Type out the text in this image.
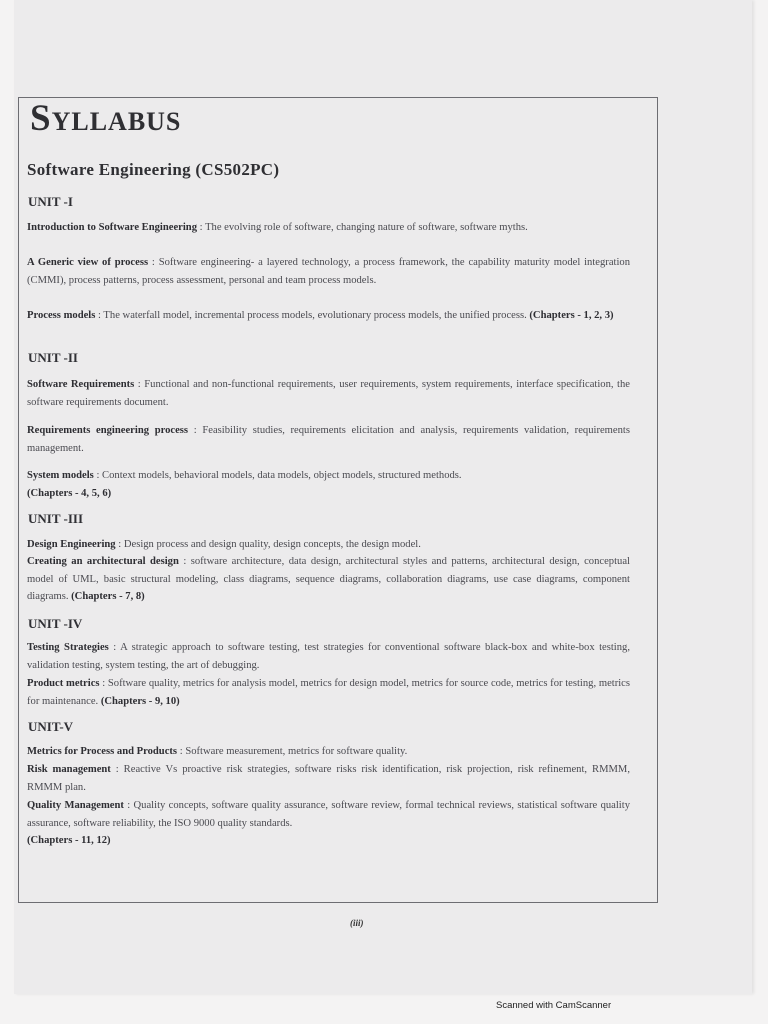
Syllabus
Software Engineering (CS502PC)
UNIT -I
Introduction to Software Engineering : The evolving role of software, changing nature of software, software myths.
A Generic view of process : Software engineering- a layered technology, a process framework, the capability maturity model integration (CMMI), process patterns, process assessment, personal and team process models.
Process models : The waterfall model, incremental process models, evolutionary process models, the unified process. (Chapters - 1, 2, 3)
UNIT -II
Software Requirements : Functional and non-functional requirements, user requirements, system requirements, interface specification, the software requirements document.
Requirements engineering process : Feasibility studies, requirements elicitation and analysis, requirements validation, requirements management.
System models : Context models, behavioral models, data models, object models, structured methods.
(Chapters - 4, 5, 6)
UNIT -III
Design Engineering : Design process and design quality, design concepts, the design model.
Creating an architectural design : software architecture, data design, architectural styles and patterns, architectural design, conceptual model of UML, basic structural modeling, class diagrams, sequence diagrams, collaboration diagrams, use case diagrams, component diagrams. (Chapters - 7, 8)
UNIT -IV
Testing Strategies : A strategic approach to software testing, test strategies for conventional software black-box and white-box testing, validation testing, system testing, the art of debugging.
Product metrics : Software quality, metrics for analysis model, metrics for design model, metrics for source code, metrics for testing, metrics for maintenance. (Chapters - 9, 10)
UNIT-V
Metrics for Process and Products : Software measurement, metrics for software quality.
Risk management : Reactive Vs proactive risk strategies, software risks risk identification, risk projection, risk refinement, RMMM, RMMM plan.
Quality Management : Quality concepts, software quality assurance, software review, formal technical reviews, statistical software quality assurance, software reliability, the ISO 9000 quality standards.
(Chapters - 11, 12)
(iii)
Scanned with CamScanner
